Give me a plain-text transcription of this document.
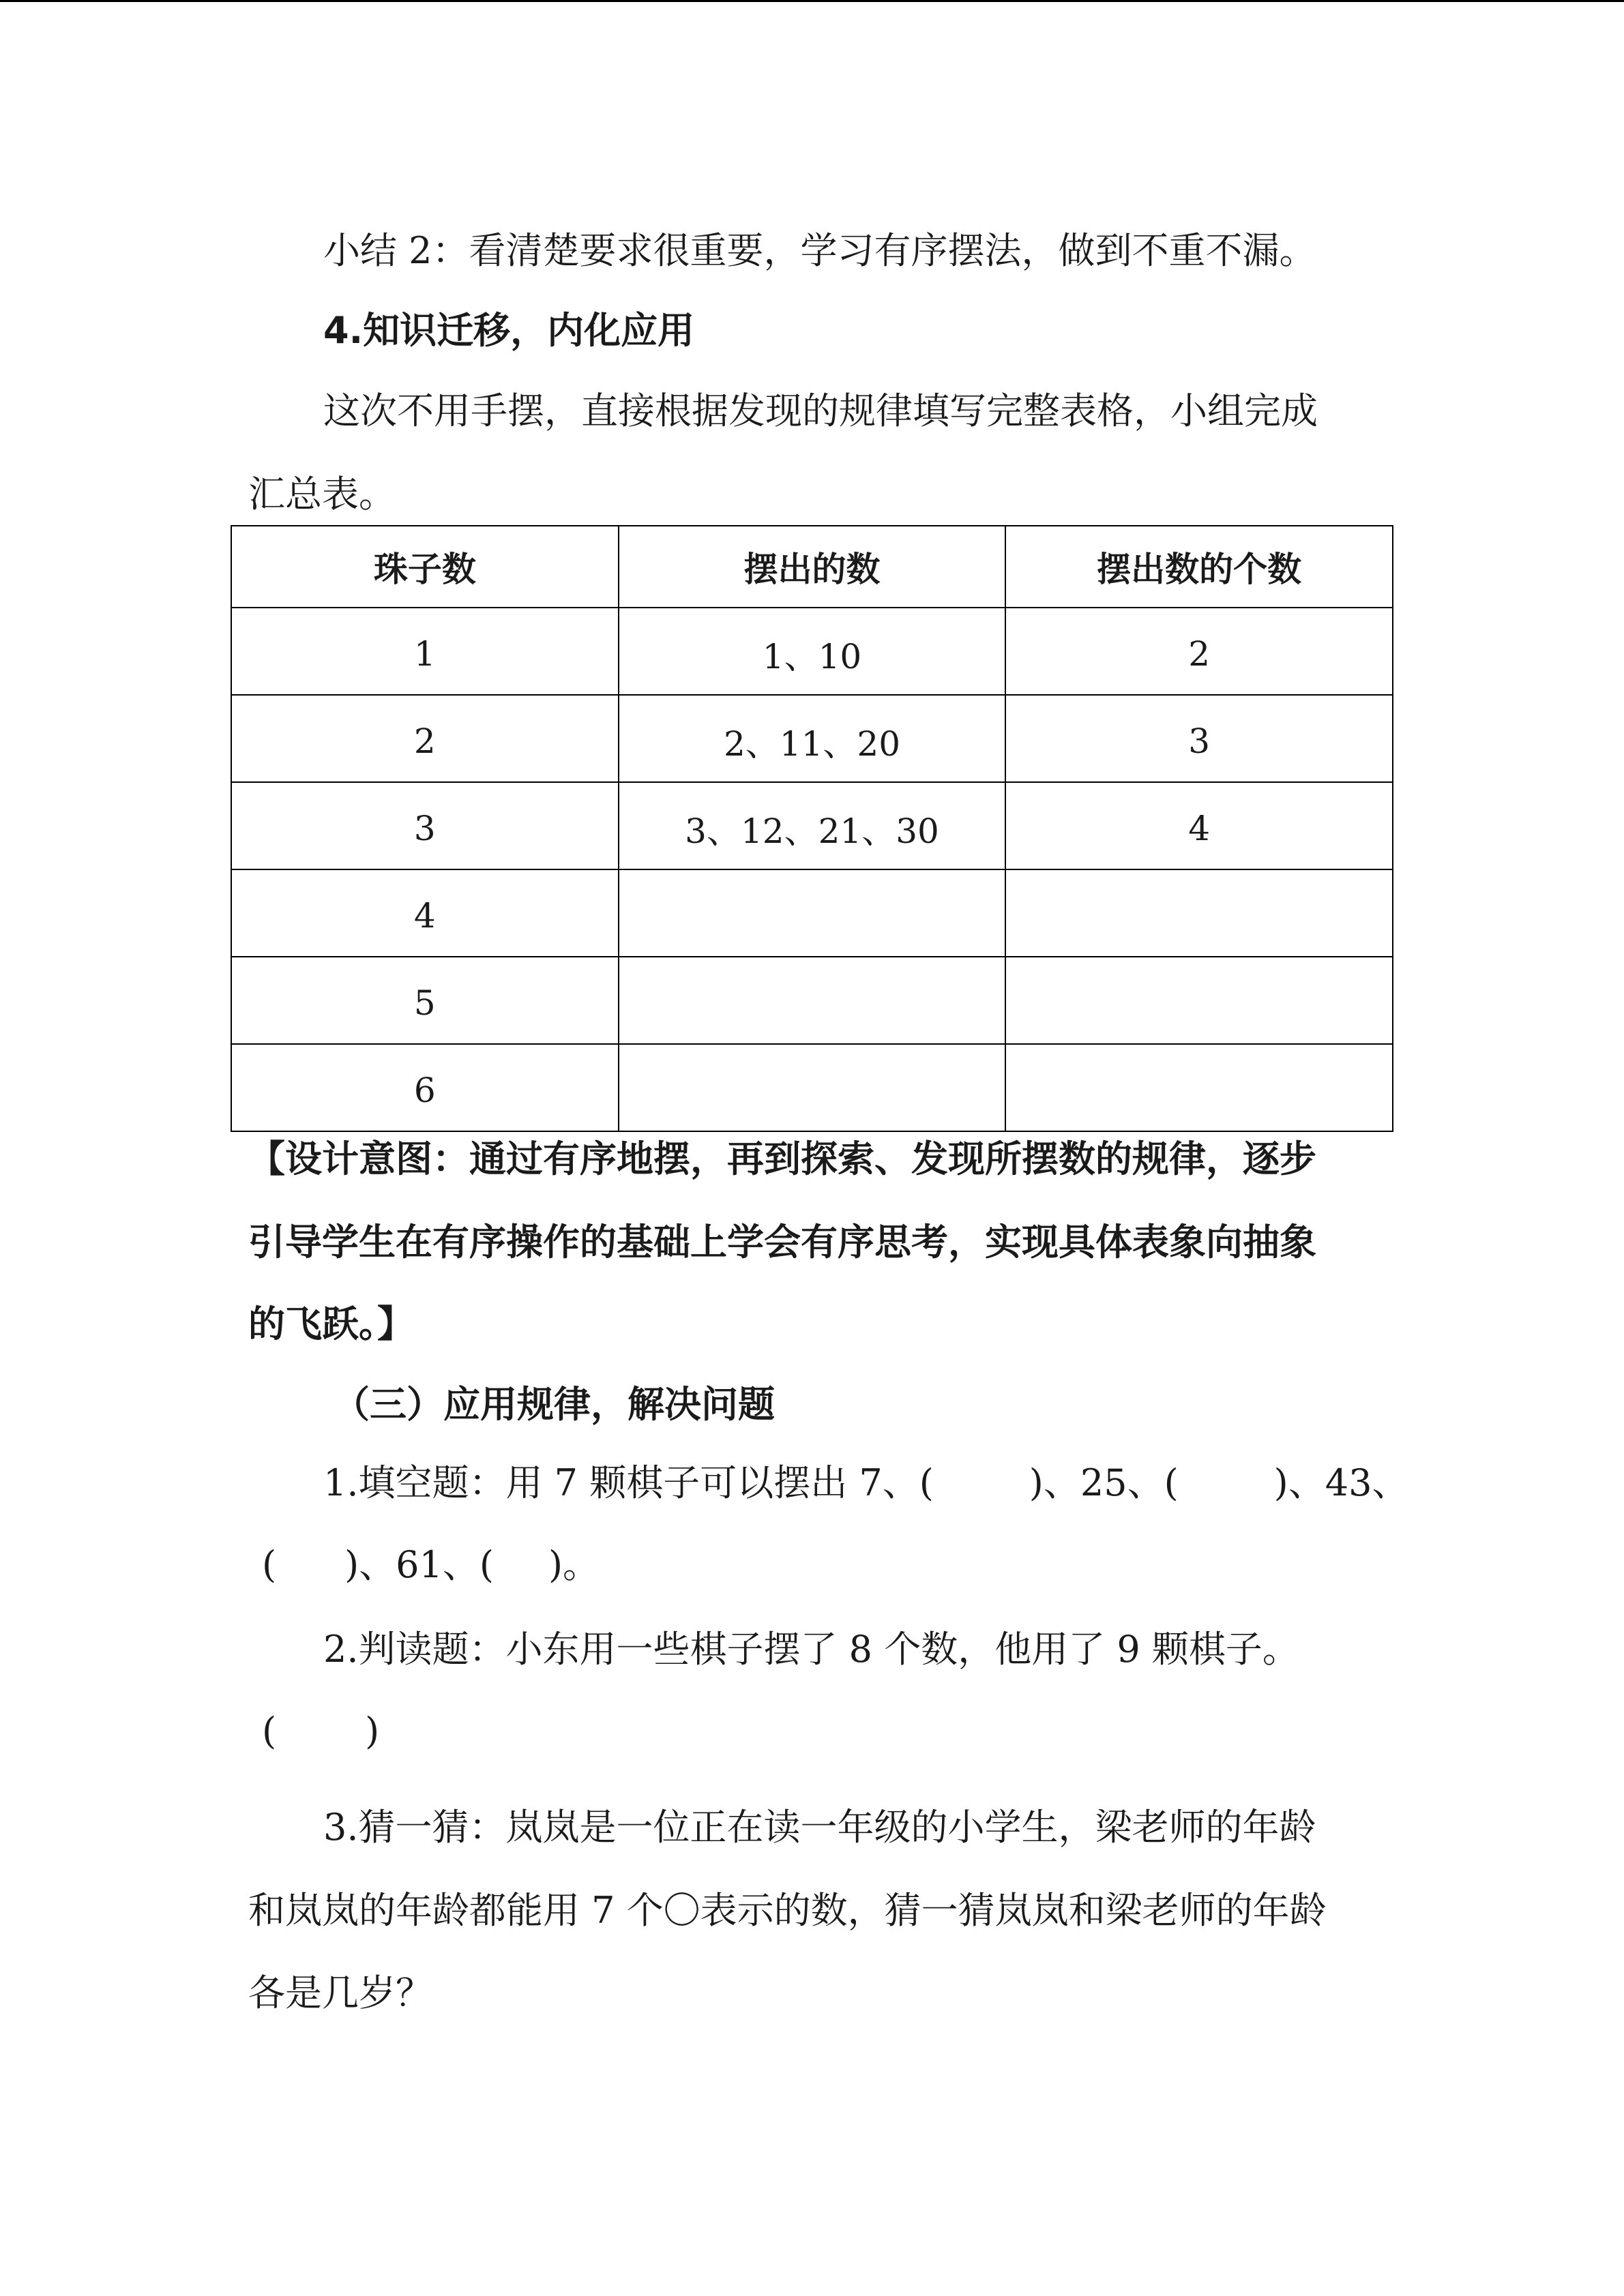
小结 2：看清楚要求很重要，学习有序摆法，做到不重不漏。
4.知识迁移，内化应用
这次不用手摆，直接根据发现的规律填写完整表格，小组完成
汇总表。
珠子数	摆出的数	摆出数的个数
1	1、10	2
2	2、11、20	3
3	3、12、21、30	4
4		
5		
6		
【设计意图：通过有序地摆，再到探索、发现所摆数的规律，逐步
引导学生在有序操作的基础上学会有序思考，实现具体表象向抽象
的飞跃。】
（三）应用规律，解决问题
1.填空题：用 7 颗棋子可以摆出 7、(	)、25、(	)、43、
( )、61、( )。
2.判读题：小东用一些棋子摆了 8 个数，他用了 9 颗棋子。
( )
3.猜一猜：岚岚是一位正在读一年级的小学生，梁老师的年龄
和岚岚的年龄都能用 7 个〇表示的数，猜一猜岚岚和梁老师的年龄
各是几岁？
